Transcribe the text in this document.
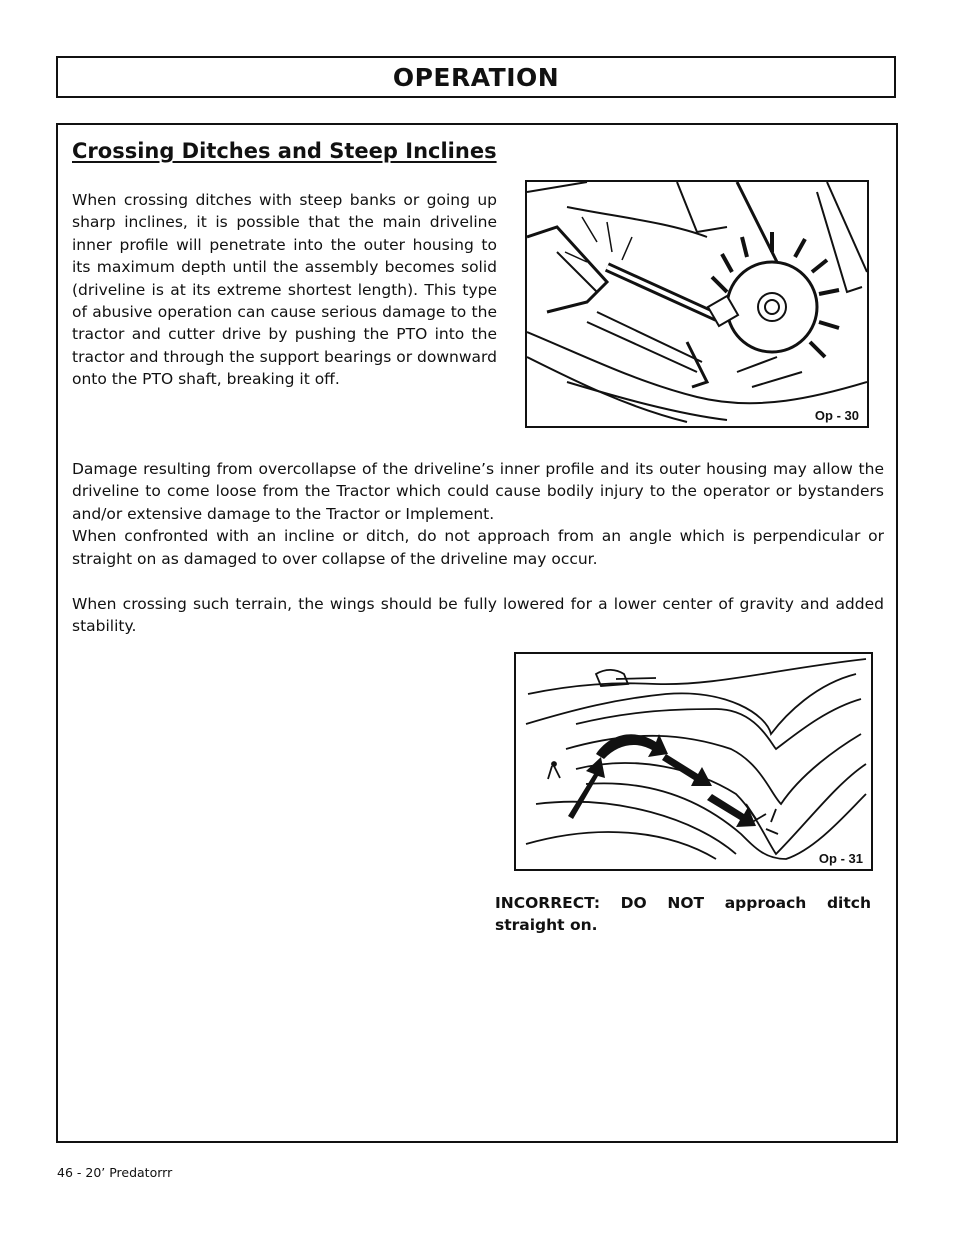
OPERATION
Crossing Ditches and Steep Inclines

When crossing ditches with steep banks or going up sharp inclines, it is possible that the main driveline inner profile will penetrate into the outer housing to its maximum depth until the assembly becomes solid (driveline is at its extreme shortest length). This type of abusive operation can cause serious damage to the tractor and cutter drive by pushing the PTO into the tractor and through the support bearings or downward onto the PTO shaft, breaking it off.

Op - 30

Damage resulting from overcollapse of the driveline’s inner profile and its outer housing may allow the driveline to come loose from the Tractor which could cause bodily injury to the operator or bystanders and/or extensive damage to the Tractor or Implement.
When confronted with an incline or ditch, do not approach from an angle which is perpendicular or straight on as damaged to over collapse of the driveline may occur.

When crossing such terrain, the wings should be fully lowered for a lower center of gravity and added stability.

Op - 31

INCORRECT: DO NOT approach ditch straight on.

46 - 20’ Predatorrr
